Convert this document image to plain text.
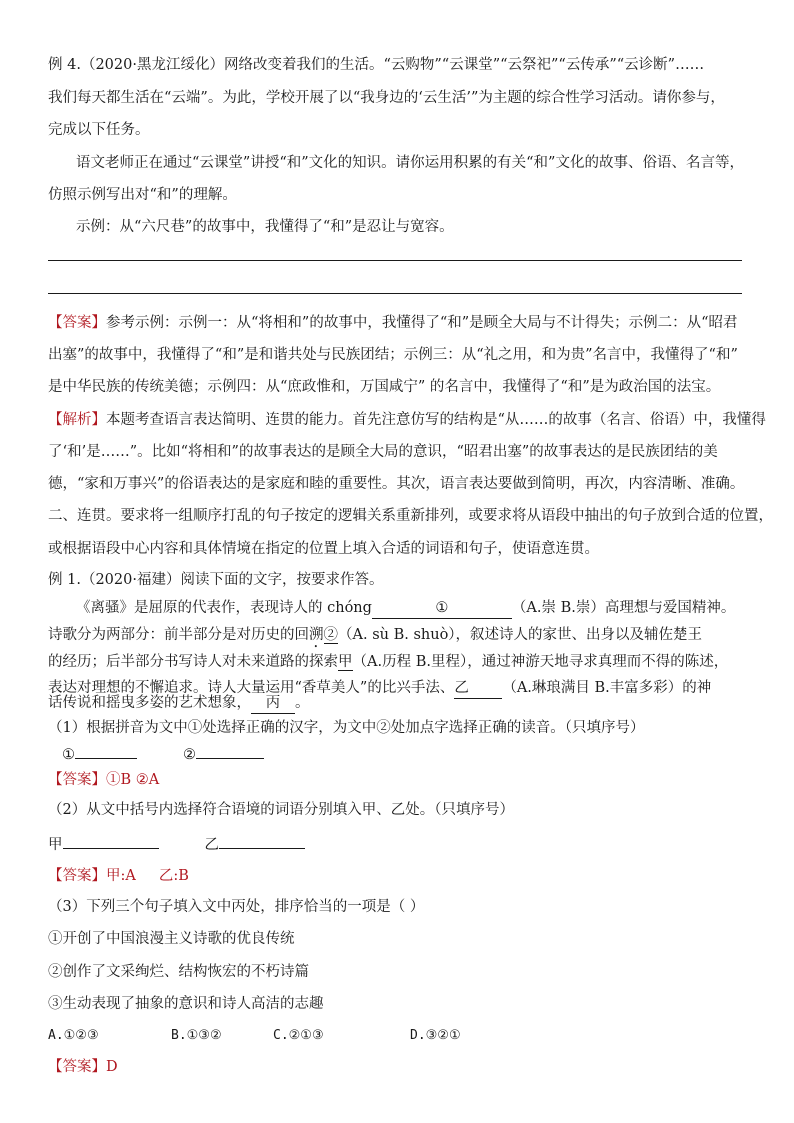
例 4.（2020·黑龙江绥化）网络改变着我们的生活。“云购物”“云课堂”“云祭祀”“云传承”“云诊断”……
我们每天都生活在“云端”。为此，学校开展了以“我身边的‘云生活’”为主题的综合性学习活动。请你参与，
完成以下任务。
语文老师正在通过“云课堂”讲授“和”文化的知识。请你运用积累的有关“和”文化的故事、俗语、名言等，
仿照示例写出对“和”的理解。
示例：从“六尺巷”的故事中，我懂得了“和”是忍让与宽容。
【答案】参考示例：示例一：从“将相和”的故事中，我懂得了“和”是顾全大局与不计得失；示例二：从“昭君
出塞”的故事中，我懂得了“和”是和谐共处与民族团结；示例三：从“礼之用，和为贵”名言中，我懂得了“和”
是中华民族的传统美德；示例四：从“庶政惟和，万国咸宁” 的名言中，我懂得了“和”是为政治国的法宝。
【解析】本题考查语言表达简明、连贯的能力。首先注意仿写的结构是“从……的故事（名言、俗语）中，我懂得
了‘和’是……”。比如“将相和”的故事表达的是顾全大局的意识，“昭君出塞”的故事表达的是民族团结的美
德，“家和万事兴”的俗语表达的是家庭和睦的重要性。其次，语言表达要做到简明，再次，内容清晰、准确。
二、连贯。要求将一组顺序打乱的句子按定的逻辑关系重新排列，或要求将从语段中抽出的句子放到合适的位置，
或根据语段中心内容和具体情境在指定的位置上填入合适的词语和句子，使语意连贯。
例 1.（2020·福建）阅读下面的文字，按要求作答。
《离骚》是屈原的代表作，表现诗人的 chóng	①	（A.崇 B.崇）高理想与爱国精神。
诗歌分为两部分：前半部分是对历史的回溯②（A. sù B. shuò），叙述诗人的家世、出身以及辅佐楚王
的经历；后半部分书写诗人对未来道路的探索甲（A.历程 B.里程），通过神游天地寻求真理而不得的陈述，
表达对理想的不懈追求。诗人大量运用“香草美人”的比兴手法、乙 （A.琳琅满目 B.丰富多彩）的神
话传说和摇曳多姿的艺术想象， 丙 。
（1）根据拼音为文中①处选择正确的汉字，为文中②处加点字选择正确的读音。（只填序号）
①	②
【答案】①B ②A
（2）从文中括号内选择符合语境的词语分别填入甲、乙处。（只填序号）
甲	乙
【答案】甲:A     乙:B
（3）下列三个句子填入文中丙处，排序恰当的一项是（ ）
①开创了中国浪漫主义诗歌的优良传统
②创作了文采绚烂、结构恢宏的不朽诗篇
③生动表现了抽象的意识和诗人高洁的志趣
A.①②③	B.①③②	C.②①③	D.③②①
【答案】D
